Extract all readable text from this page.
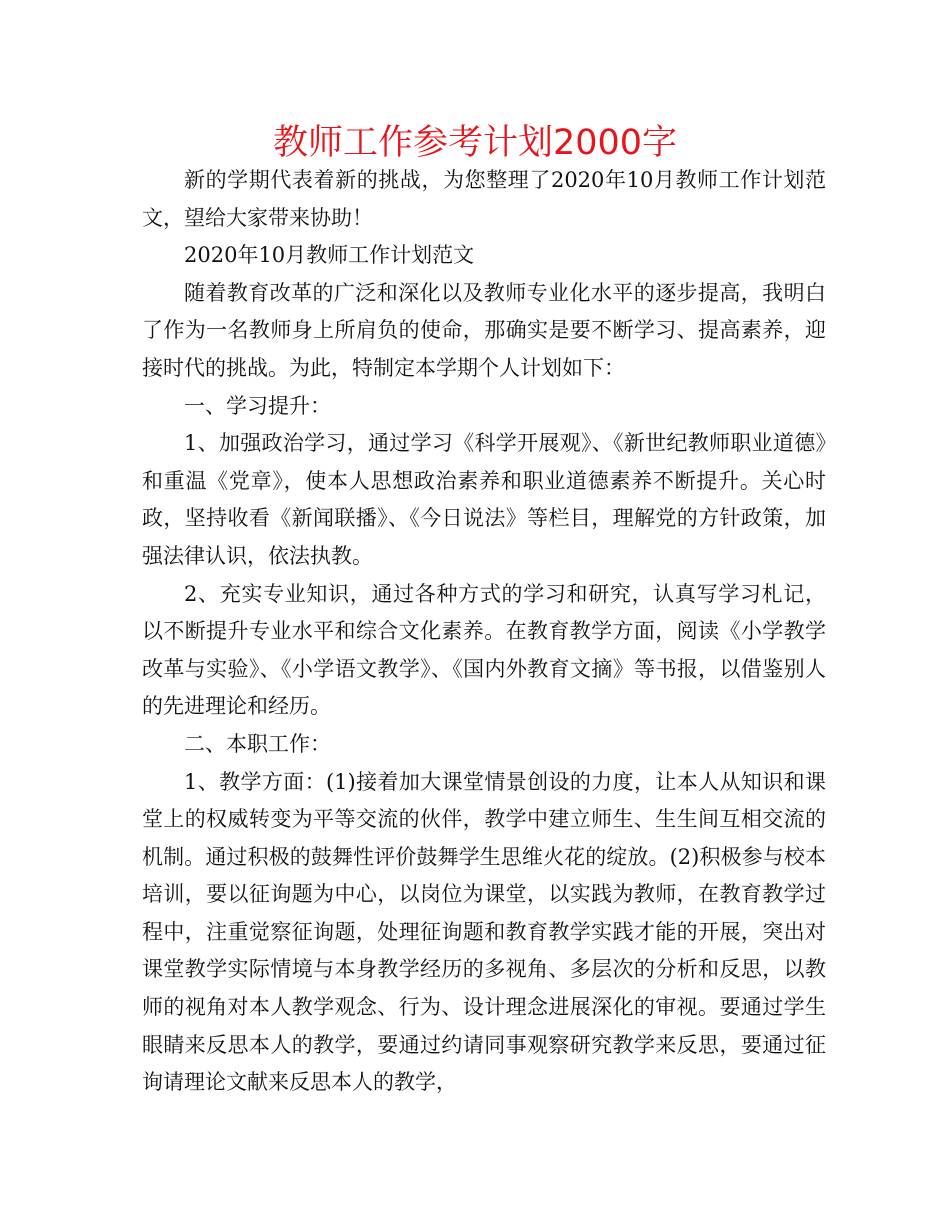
教师工作参考计划2000字

新的学期代表着新的挑战，为您整理了2020年10月教师工作计划范文，望给大家带来协助！

2020年10月教师工作计划范文

随着教育改革的广泛和深化以及教师专业化水平的逐步提高，我明白了作为一名教师身上所肩负的使命，那确实是要不断学习、提高素养，迎接时代的挑战。为此，特制定本学期个人计划如下：

一、学习提升：

1、加强政治学习，通过学习《科学开展观》、《新世纪教师职业道德》和重温《党章》，使本人思想政治素养和职业道德素养不断提升。关心时政，坚持收看《新闻联播》、《今日说法》等栏目，理解党的方针政策，加强法律认识，依法执教。

2、充实专业知识，通过各种方式的学习和研究，认真写学习札记，以不断提升专业水平和综合文化素养。在教育教学方面，阅读《小学教学改革与实验》、《小学语文教学》、《国内外教育文摘》等书报，以借鉴别人的先进理论和经历。

二、本职工作：

1、教学方面：(1)接着加大课堂情景创设的力度，让本人从知识和课堂上的权威转变为平等交流的伙伴，教学中建立师生、生生间互相交流的机制。通过积极的鼓舞性评价鼓舞学生思维火花的绽放。(2)积极参与校本培训，要以征询题为中心，以岗位为课堂，以实践为教师，在教育教学过程中，注重觉察征询题，处理征询题和教育教学实践才能的开展，突出对课堂教学实际情境与本身教学经历的多视角、多层次的分析和反思，以教师的视角对本人教学观念、行为、设计理念进展深化的审视。要通过学生眼睛来反思本人的教学，要通过约请同事观察研究教学来反思，要通过征询请理论文献来反思本人的教学，
